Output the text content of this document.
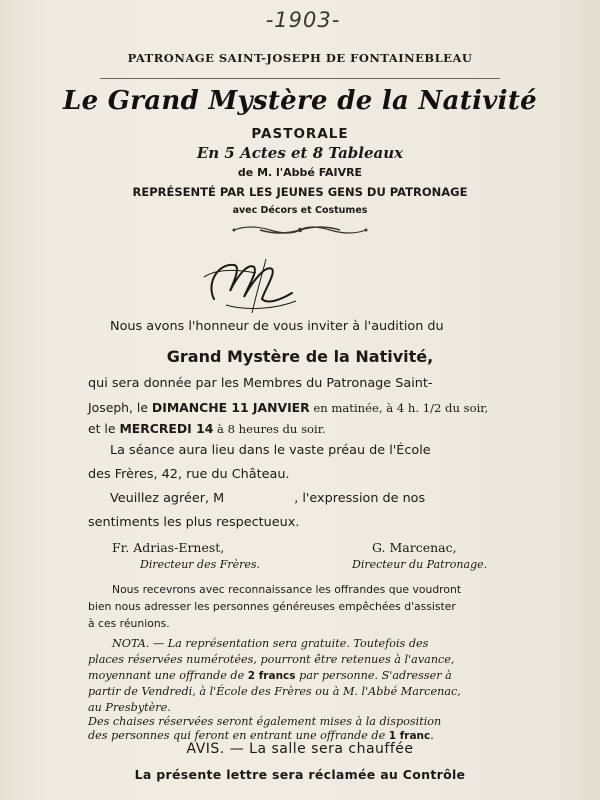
-1903-
PATRONAGE SAINT-JOSEPH DE FONTAINEBLEAU
Le Grand Mystère de la Nativité
PASTORALE
En 5 Actes et 8 Tableaux
de M. l'Abbé FAIVRE
REPRÉSENTÉ PAR LES JEUNES GENS DU PATRONAGE
avec Décors et Costumes
Nous avons l'honneur de vous inviter à l'audition du
Grand Mystère de la Nativité,
qui sera donnée par les Membres du Patronage Saint-
Joseph, le DIMANCHE 11 JANVIER en matinée, à 4 h. 1/2 du soir,
et le MERCREDI 14 à 8 heures du soir.
La séance aura lieu dans le vaste préau de l'École
des Frères, 42, rue du Château.
Veuillez agréer, M	, l'expression de nos
sentiments les plus respectueux.
Fr. Adrias-Ernest,
Directeur des Frères.
G. Marcenac,
Directeur du Patronage.
Nous recevrons avec reconnaissance les offrandes que voudront
bien nous adresser les personnes généreuses empêchées d'assister
à ces réunions.
NOTA. — La représentation sera gratuite. Toutefois des
places réservées numérotées, pourront être retenues à l'avance,
moyennant une offrande de 2 francs par personne. S'adresser à
partir de Vendredi, à l'École des Frères ou à M. l'Abbé Marcenac,
au Presbytère.
Des chaises réservées seront également mises à la disposition
des personnes qui feront en entrant une offrande de 1 franc.
AVIS. — La salle sera chauffée
La présente lettre sera réclamée au Contrôle
